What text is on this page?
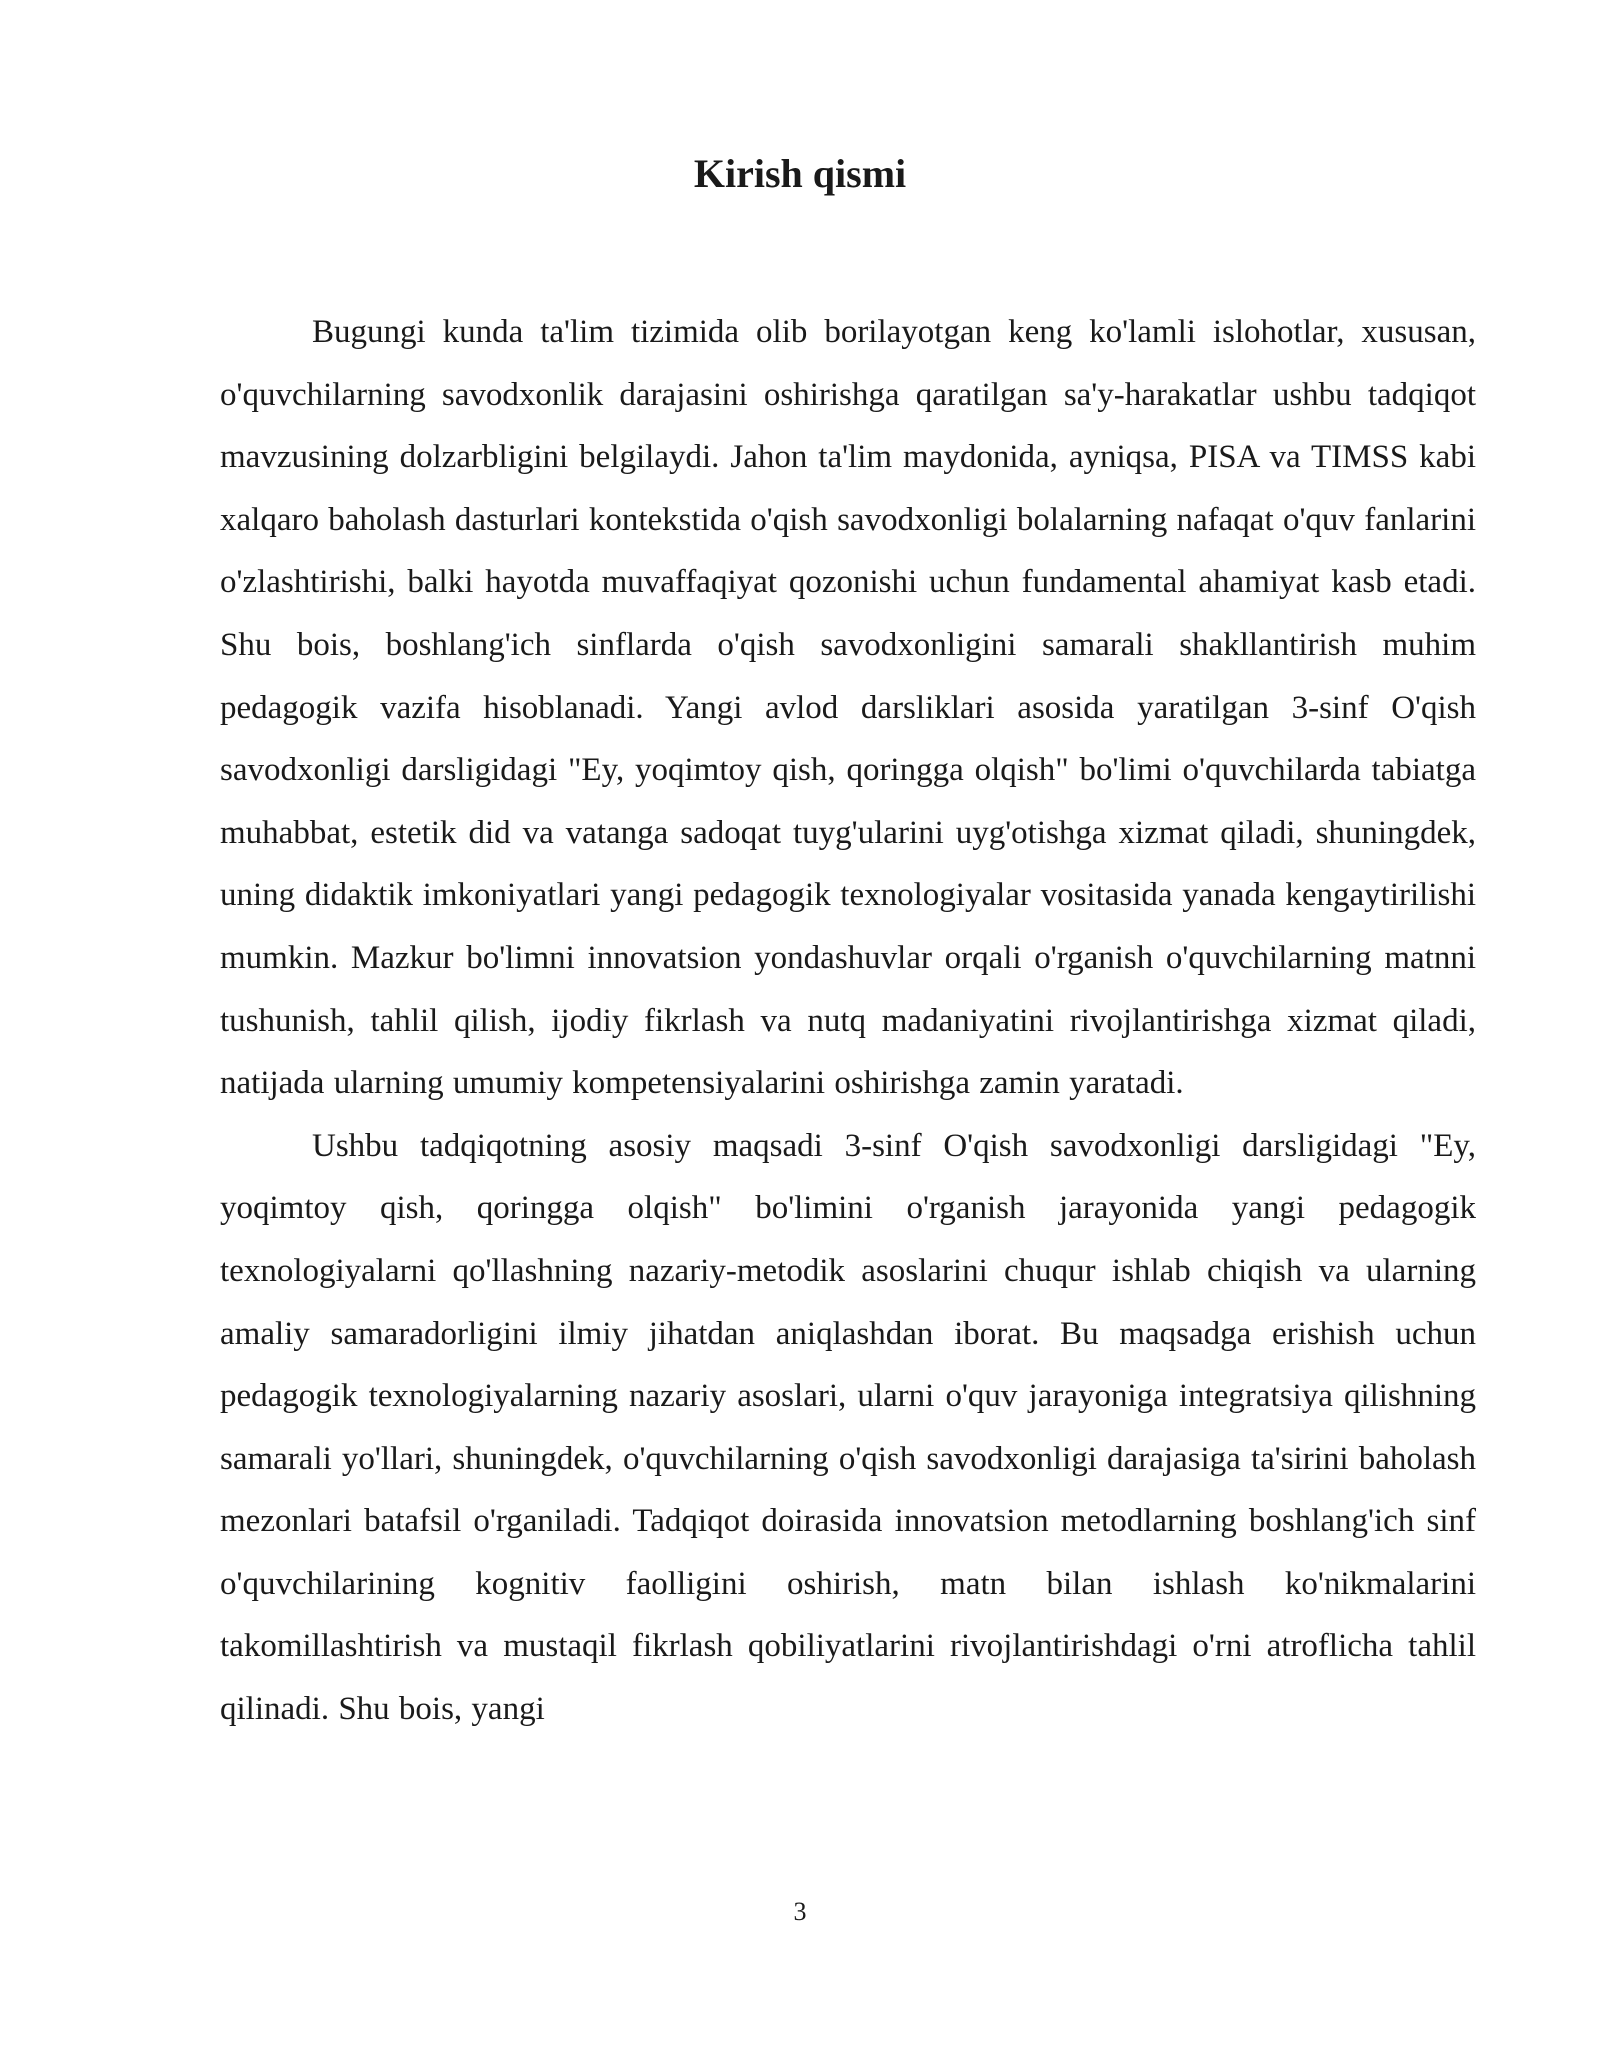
Kirish qismi

Bugungi kunda ta'lim tizimida olib borilayotgan keng ko'lamli islohotlar, xususan, o'quvchilarning savodxonlik darajasini oshirishga qaratilgan sa'y-harakatlar ushbu tadqiqot mavzusining dolzarbligini belgilaydi. Jahon ta'lim maydonida, ayniqsa, PISA va TIMSS kabi xalqaro baholash dasturlari kontekstida o'qish savodxonligi bolalarning nafaqat o'quv fanlarini o'zlashtirishi, balki hayotda muvaffaqiyat qozonishi uchun fundamental ahamiyat kasb etadi. Shu bois, boshlang'ich sinflarda o'qish savodxonligini samarali shakllantirish muhim pedagogik vazifa hisoblanadi. Yangi avlod darsliklari asosida yaratilgan 3-sinf O'qish savodxonligi darsligidagi "Ey, yoqimtoy qish, qoringga olqish" bo'limi o'quvchilarda tabiatga muhabbat, estetik did va vatanga sadoqat tuyg'ularini uyg'otishga xizmat qiladi, shuningdek, uning didaktik imkoniyatlari yangi pedagogik texnologiyalar vositasida yanada kengaytirilishi mumkin. Mazkur bo'limni innovatsion yondashuvlar orqali o'rganish o'quvchilarning matnni tushunish, tahlil qilish, ijodiy fikrlash va nutq madaniyatini rivojlantirishga xizmat qiladi, natijada ularning umumiy kompetensiyalarini oshirishga zamin yaratadi.

Ushbu tadqiqotning asosiy maqsadi 3-sinf O'qish savodxonligi darsligidagi "Ey, yoqimtoy qish, qoringga olqish" bo'limini o'rganish jarayonida yangi pedagogik texnologiyalarni qo'llashning nazariy-metodik asoslarini chuqur ishlab chiqish va ularning amaliy samaradorligini ilmiy jihatdan aniqlashdan iborat. Bu maqsadga erishish uchun pedagogik texnologiyalarning nazariy asoslari, ularni o'quv jarayoniga integratsiya qilishning samarali yo'llari, shuningdek, o'quvchilarning o'qish savodxonligi darajasiga ta'sirini baholash mezonlari batafsil o'rganiladi. Tadqiqot doirasida innovatsion metodlarning boshlang'ich sinf o'quvchilarining kognitiv faolligini oshirish, matn bilan ishlash ko'nikmalarini takomillashtirish va mustaqil fikrlash qobiliyatlarini rivojlantirishdagi o'rni atroflicha tahlil qilinadi. Shu bois, yangi

3
